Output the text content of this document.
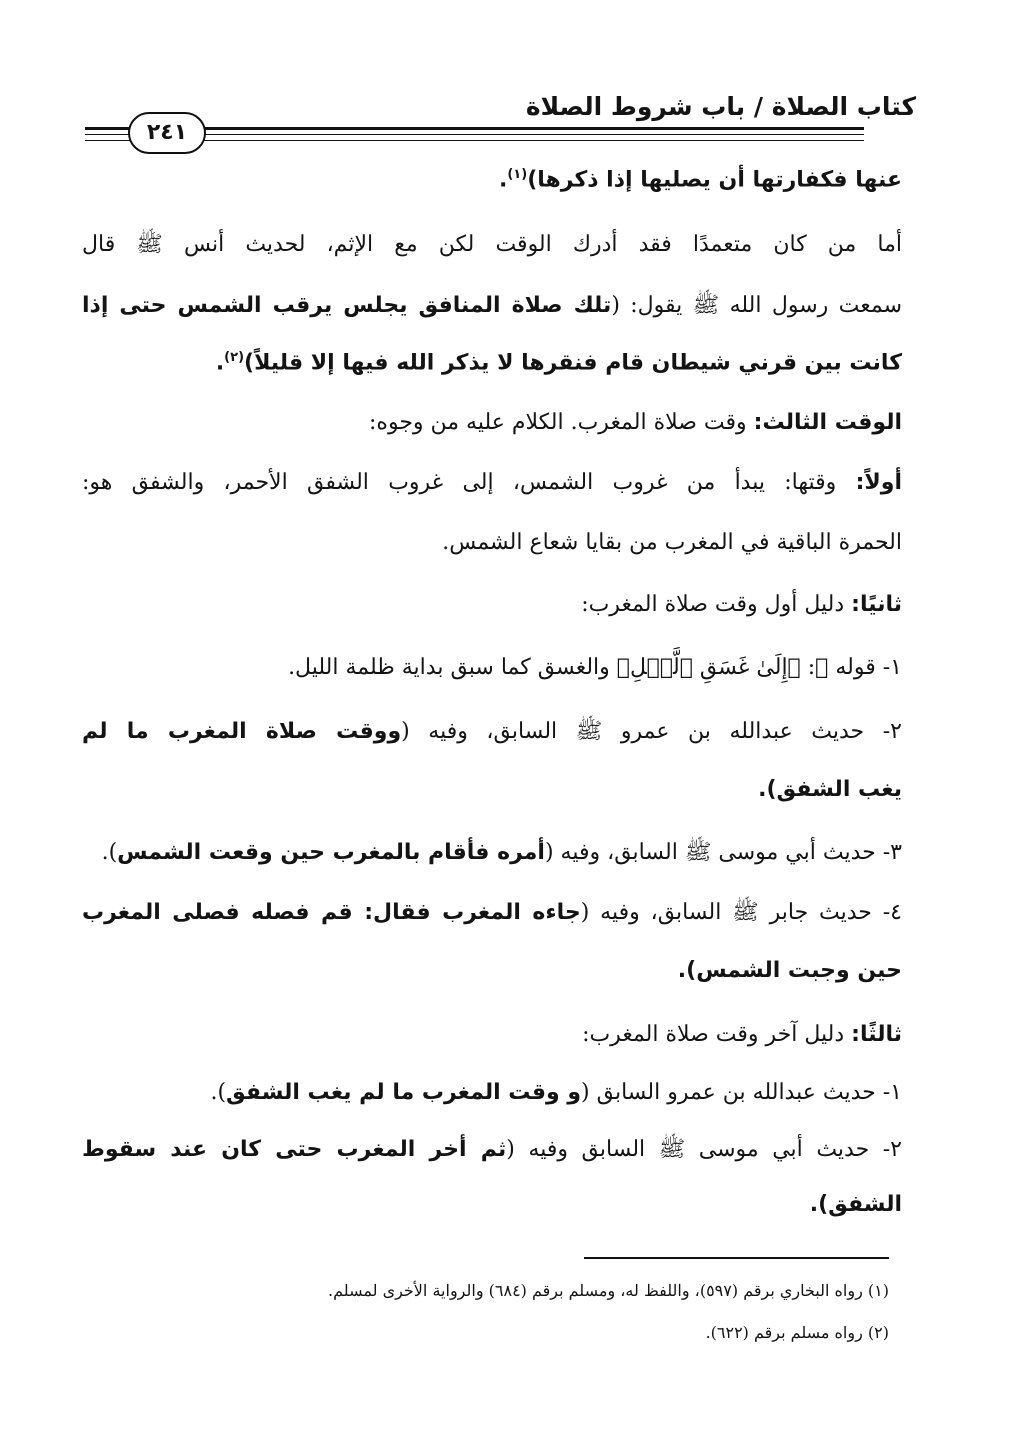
كتاب الصلاة / باب شروط الصلاة
٢٤١
عنها فكفارتها أن يصليها إذا ذكرها)$^{(١)}$.
أما من كان متعمدًا فقد أدرك الوقت لكن مع الإثم، لحديث أنس ﷺ قال
سمعت رسول الله ﷺ يقول: (تلك صلاة المنافق يجلس يرقب الشمس حتى إذا
كانت بين قرني شيطان قام فنقرها لا يذكر الله فيها إلا قليلاً)$^{(٢)}$.
الوقت الثالث: وقت صلاة المغرب. الكلام عليه من وجوه:
أولاً: وقتها: يبدأ من غروب الشمس، إلى غروب الشفق الأحمر، والشفق هو:
الحمرة الباقية في المغرب من بقايا شعاع الشمس.
ثانيًا: دليل أول وقت صلاة المغرب:
١- قوله ﷻ: ﴿إِلَىٰ غَسَقِ ٱلَّيۡلِ﴾ والغسق كما سبق بداية ظلمة الليل.
٢- حديث عبدالله بن عمرو ﷺ السابق، وفيه (ووقت صلاة المغرب ما لم
يغب الشفق).
٣- حديث أبي موسى ﷺ السابق، وفيه (أمره فأقام بالمغرب حين وقعت الشمس).
٤- حديث جابر ﷺ السابق، وفيه (جاءه المغرب فقال: قم فصله فصلى المغرب
حين وجبت الشمس).
ثالثًا: دليل آخر وقت صلاة المغرب:
١- حديث عبدالله بن عمرو السابق (و وقت المغرب ما لم يغب الشفق).
٢- حديث أبي موسى ﷺ السابق وفيه (ثم أخر المغرب حتى كان عند سقوط
الشفق).
(١) رواه البخاري برقم (٥٩٧)، واللفظ له، ومسلم برقم (٦٨٤) والرواية الأخرى لمسلم.
(٢) رواه مسلم برقم (٦٢٢).
